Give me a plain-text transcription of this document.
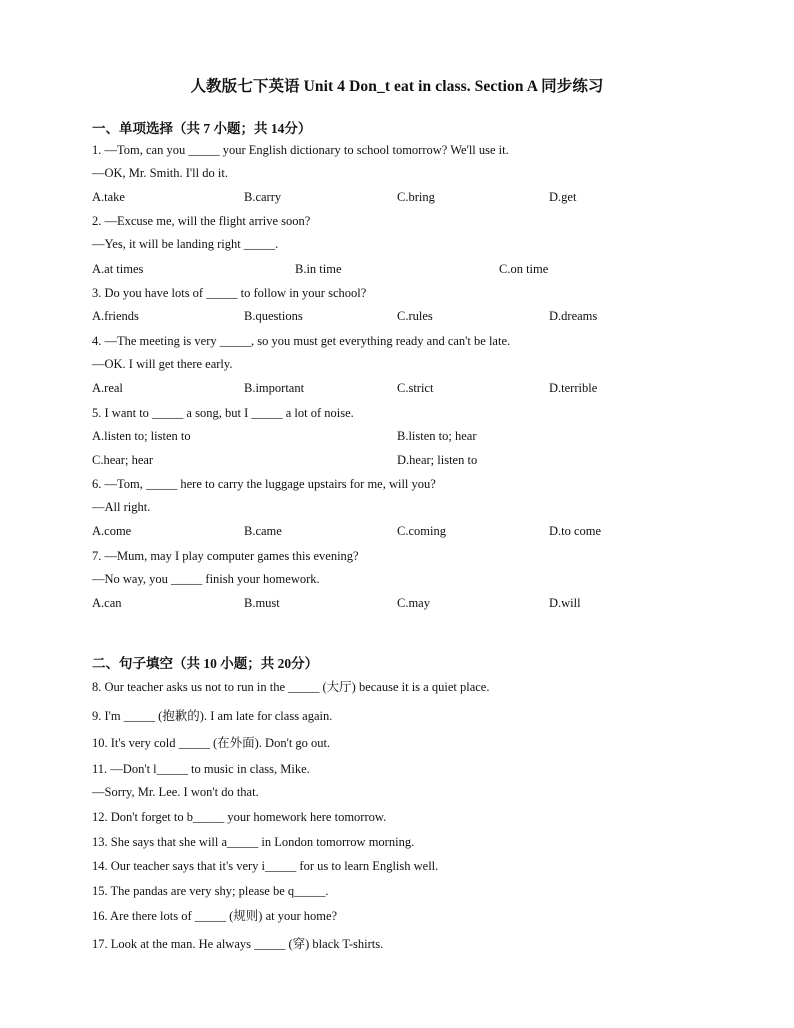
人教版七下英语 Unit 4 Don_t eat in class. Section A 同步练习
一、单项选择（共 7 小题；共 14分）
1. —Tom, can you _____ your English dictionary to school tomorrow? We'll use it.
—OK, Mr. Smith. I'll do it.
A.take	B.carry	C.bring	D.get
2. —Excuse me, will the flight arrive soon?
—Yes, it will be landing right _____.
A.at times	B.in time	C.on time
3. Do you have lots of _____ to follow in your school?
A.friends	B.questions	C.rules	D.dreams
4. —The meeting is very _____, so you must get everything ready and can't be late.
—OK. I will get there early.
A.real	B.important	C.strict	D.terrible
5. I want to _____ a song, but I _____ a lot of noise.
A.listen to; listen to	B.listen to; hear
C.hear; hear	D.hear; listen to
6. —Tom, _____ here to carry the luggage upstairs for me, will you?
—All right.
A.come	B.came	C.coming	D.to come
7. —Mum, may I play computer games this evening?
—No way, you _____ finish your homework.
A.can	B.must	C.may	D.will
二、句子填空（共 10 小题；共 20分）
8. Our teacher asks us not to run in the _____ (大厅) because it is a quiet place.
9. I'm _____ (抱歉的). I am late for class again.
10. It's very cold _____ (在外面). Don't go out.
11. —Don't l_____ to music in class, Mike.
—Sorry, Mr. Lee. I won't do that.
12. Don't forget to b_____ your homework here tomorrow.
13. She says that she will a_____ in London tomorrow morning.
14. Our teacher says that it's very i_____ for us to learn English well.
15. The pandas are very shy; please be q_____.
16. Are there lots of _____ (规则) at your home?
17. Look at the man. He always _____ (穿) black T-shirts.
